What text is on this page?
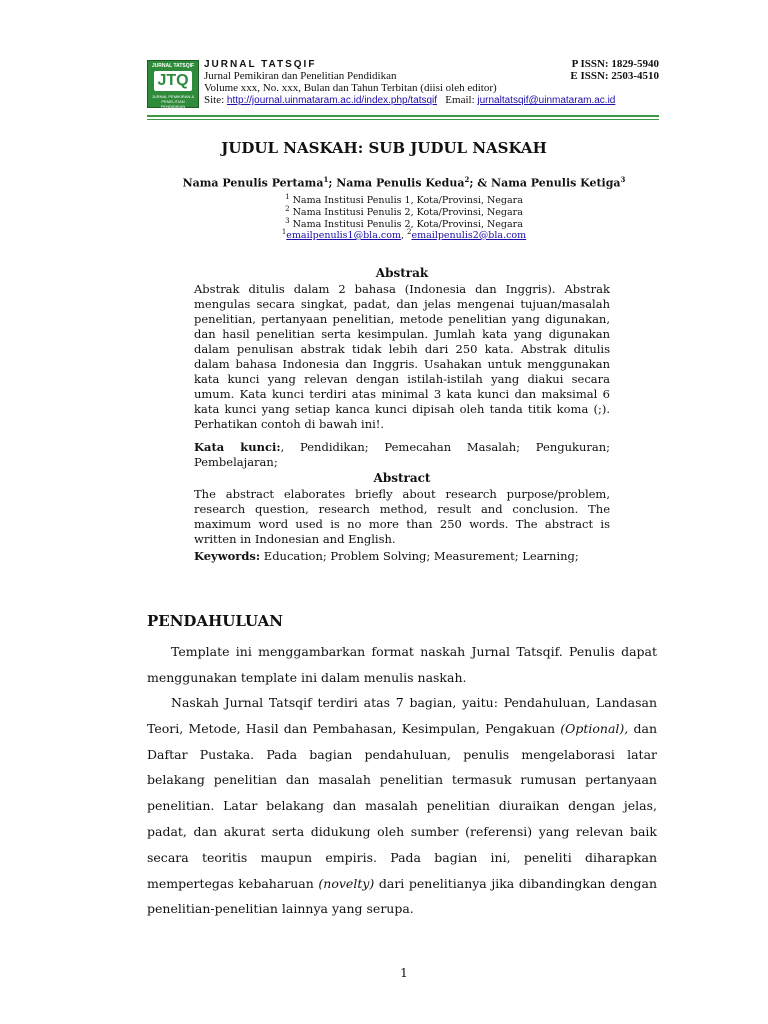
JURNAL TATSQIF
JTQ
JURNAL PEMIKIRAN & PENELITIAN PENDIDIKAN
JURNAL TATSQIF	P ISSN: 1829-5940
Jurnal Pemikiran dan Penelitian Pendidikan	E ISSN: 2503-4510
Volume xxx, No. xxx, Bulan dan Tahun Terbitan (diisi oleh editor)
Site: http://journal.uinmataram.ac.id/index.php/tatsqif Email: jurnaltatsqif@uinmataram.ac.id
JUDUL NASKAH: SUB JUDUL NASKAH
Nama Penulis Pertama$^1$; Nama Penulis Kedua$^2$; & Nama Penulis Ketiga$^3$
$^1$ Nama Institusi Penulis 1, Kota/Provinsi, Negara
$^2$ Nama Institusi Penulis 2, Kota/Provinsi, Negara
$^3$ Nama Institusi Penulis 2, Kota/Provinsi, Negara
$^1$emailpenulis1@bla.com, $^2$emailpenulis2@bla.com
Abstrak
Abstrak ditulis dalam 2 bahasa (Indonesia dan Inggris). Abstrak mengulas secara singkat, padat, dan jelas mengenai tujuan/masalah penelitian, pertanyaan penelitian, metode penelitian yang digunakan, dan hasil penelitian serta kesimpulan. Jumlah kata yang digunakan dalam penulisan abstrak tidak lebih dari 250 kata. Abstrak ditulis dalam bahasa Indonesia dan Inggris. Usahakan untuk menggunakan kata kunci yang relevan dengan istilah-istilah yang diakui secara umum. Kata kunci terdiri atas minimal 3 kata kunci dan maksimal 6 kata kunci yang setiap kanca kunci dipisah oleh tanda titik koma (;). Perhatikan contoh di bawah ini!.
Kata kunci:, Pendidikan; Pemecahan Masalah; Pengukuran; Pembelajaran;
Abstract
The abstract elaborates briefly about research purpose/problem, research question, research method, result and conclusion. The maximum word used is no more than 250 words. The abstract is written in Indonesian and English.
Keywords: Education; Problem Solving; Measurement; Learning;
PENDAHULUAN
Template ini menggambarkan format naskah Jurnal Tatsqif. Penulis dapat menggunakan template ini dalam menulis naskah.
Naskah Jurnal Tatsqif terdiri atas 7 bagian, yaitu: Pendahuluan, Landasan Teori, Metode, Hasil dan Pembahasan, Kesimpulan, Pengakuan (Optional), dan Daftar Pustaka. Pada bagian pendahuluan, penulis mengelaborasi latar belakang penelitian dan masalah penelitian termasuk rumusan pertanyaan penelitian. Latar belakang dan masalah penelitian diuraikan dengan jelas, padat, dan akurat serta didukung oleh sumber (referensi) yang relevan baik secara teoritis maupun empiris. Pada bagian ini, peneliti diharapkan mempertegas kebaharuan (novelty) dari penelitianya jika dibandingkan dengan penelitian-penelitian lainnya yang serupa.
1
